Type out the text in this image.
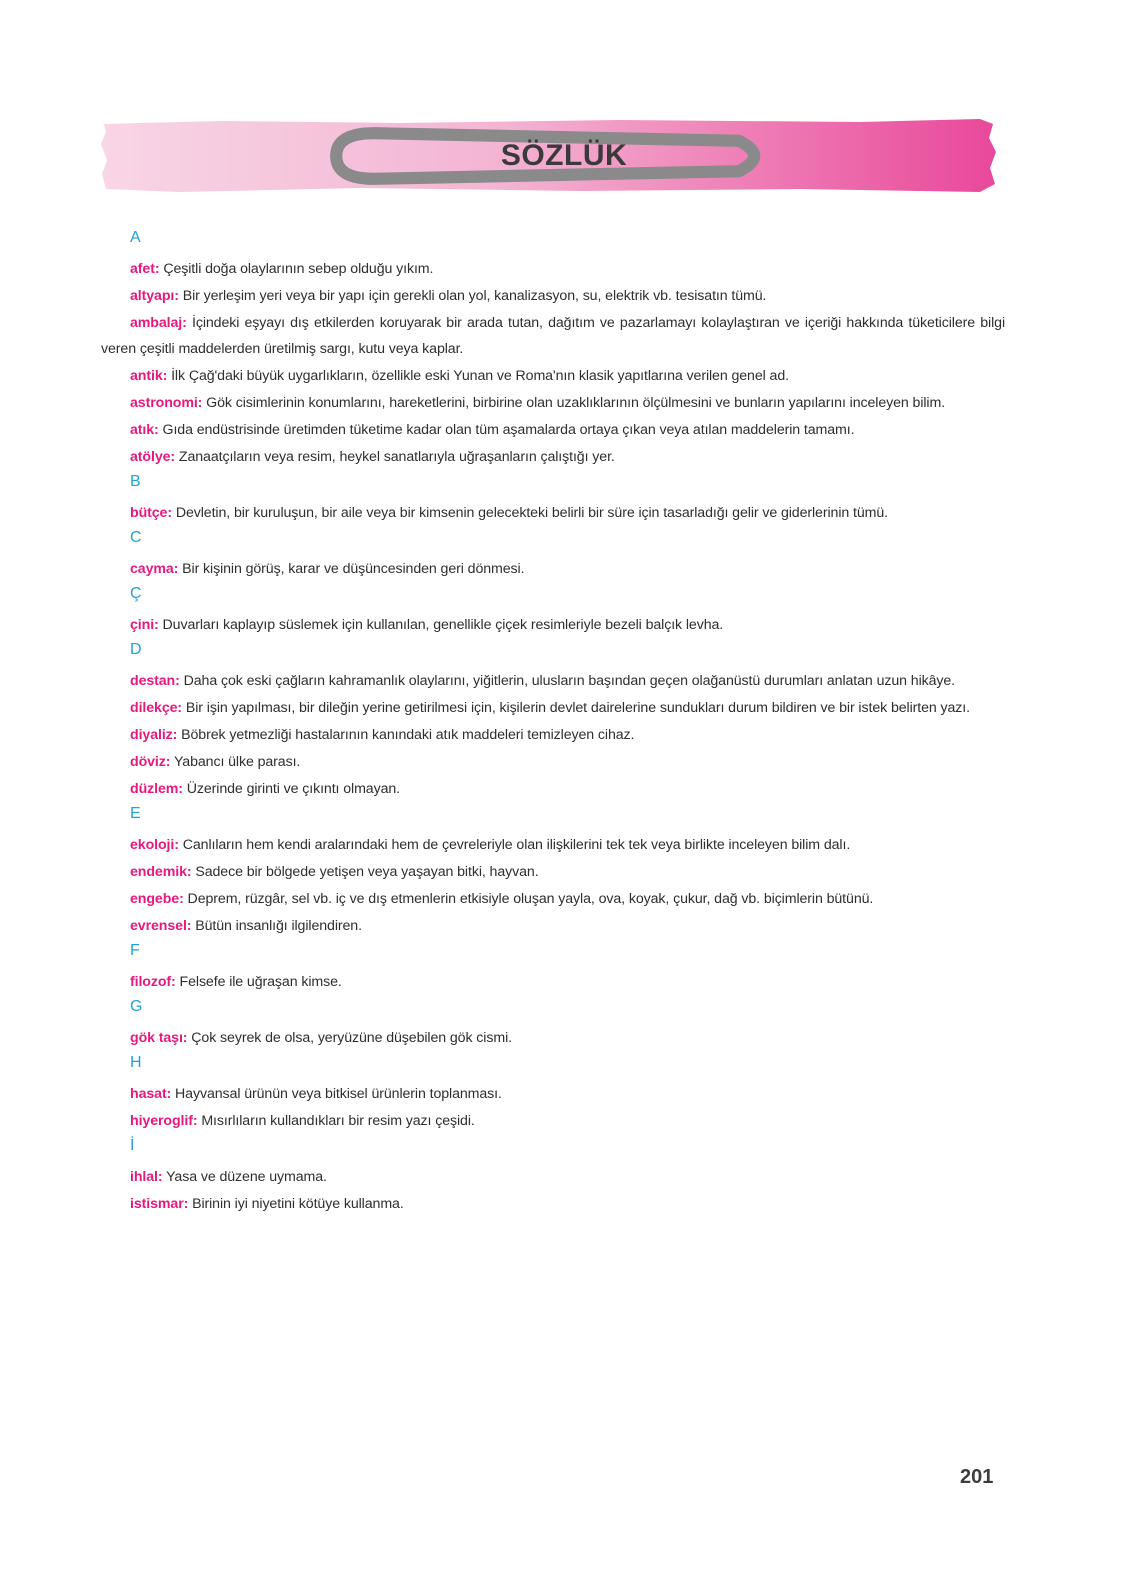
SÖZLÜK
A
afet: Çeşitli doğa olaylarının sebep olduğu yıkım.
altyapı: Bir yerleşim yeri veya bir yapı için gerekli olan yol, kanalizasyon, su, elektrik vb. tesisatın tümü.
ambalaj: İçindeki eşyayı dış etkilerden koruyarak bir arada tutan, dağıtım ve pazarlamayı kolaylaştıran ve içeriği hakkında tüketicilere bilgi veren çeşitli maddelerden üretilmiş sargı, kutu veya kaplar.
antik: İlk Çağ'daki büyük uygarlıkların, özellikle eski Yunan ve Roma'nın klasik yapıtlarına verilen genel ad.
astronomi: Gök cisimlerinin konumlarını, hareketlerini, birbirine olan uzaklıklarının ölçülmesini ve bunların yapılarını inceleyen bilim.
atık: Gıda endüstrisinde üretimden tüketime kadar olan tüm aşamalarda ortaya çıkan veya atılan maddelerin tamamı.
atölye: Zanaatçıların veya resim, heykel sanatlarıyla uğraşanların çalıştığı yer.
B
bütçe: Devletin, bir kuruluşun, bir aile veya bir kimsenin gelecekteki belirli bir süre için tasarladığı gelir ve giderlerinin tümü.
C
cayma: Bir kişinin görüş, karar ve düşüncesinden geri dönmesi.
Ç
çini: Duvarları kaplayıp süslemek için kullanılan, genellikle çiçek resimleriyle bezeli balçık levha.
D
destan: Daha çok eski çağların kahramanlık olaylarını, yiğitlerin, ulusların başından geçen olağanüstü durumları anlatan uzun hikâye.
dilekçe: Bir işin yapılması, bir dileğin yerine getirilmesi için, kişilerin devlet dairelerine sundukları durum bildiren ve bir istek belirten yazı.
diyaliz: Böbrek yetmezliği hastalarının kanındaki atık maddeleri temizleyen cihaz.
döviz: Yabancı ülke parası.
düzlem: Üzerinde girinti ve çıkıntı olmayan.
E
ekoloji: Canlıların hem kendi aralarındaki hem de çevreleriyle olan ilişkilerini tek tek veya birlikte inceleyen bilim dalı.
endemik: Sadece bir bölgede yetişen veya yaşayan bitki, hayvan.
engebe: Deprem, rüzgâr, sel vb. iç ve dış etmenlerin etkisiyle oluşan yayla, ova, koyak, çukur, dağ vb. biçimlerin bütünü.
evrensel: Bütün insanlığı ilgilendiren.
F
filozof: Felsefe ile uğraşan kimse.
G
gök taşı: Çok seyrek de olsa, yeryüzüne düşebilen gök cismi.
H
hasat: Hayvansal ürünün veya bitkisel ürünlerin toplanması.
hiyeroglif: Mısırlıların kullandıkları bir resim yazı çeşidi.
İ
ihlal: Yasa ve düzene uymama.
istismar: Birinin iyi niyetini kötüye kullanma.
201
